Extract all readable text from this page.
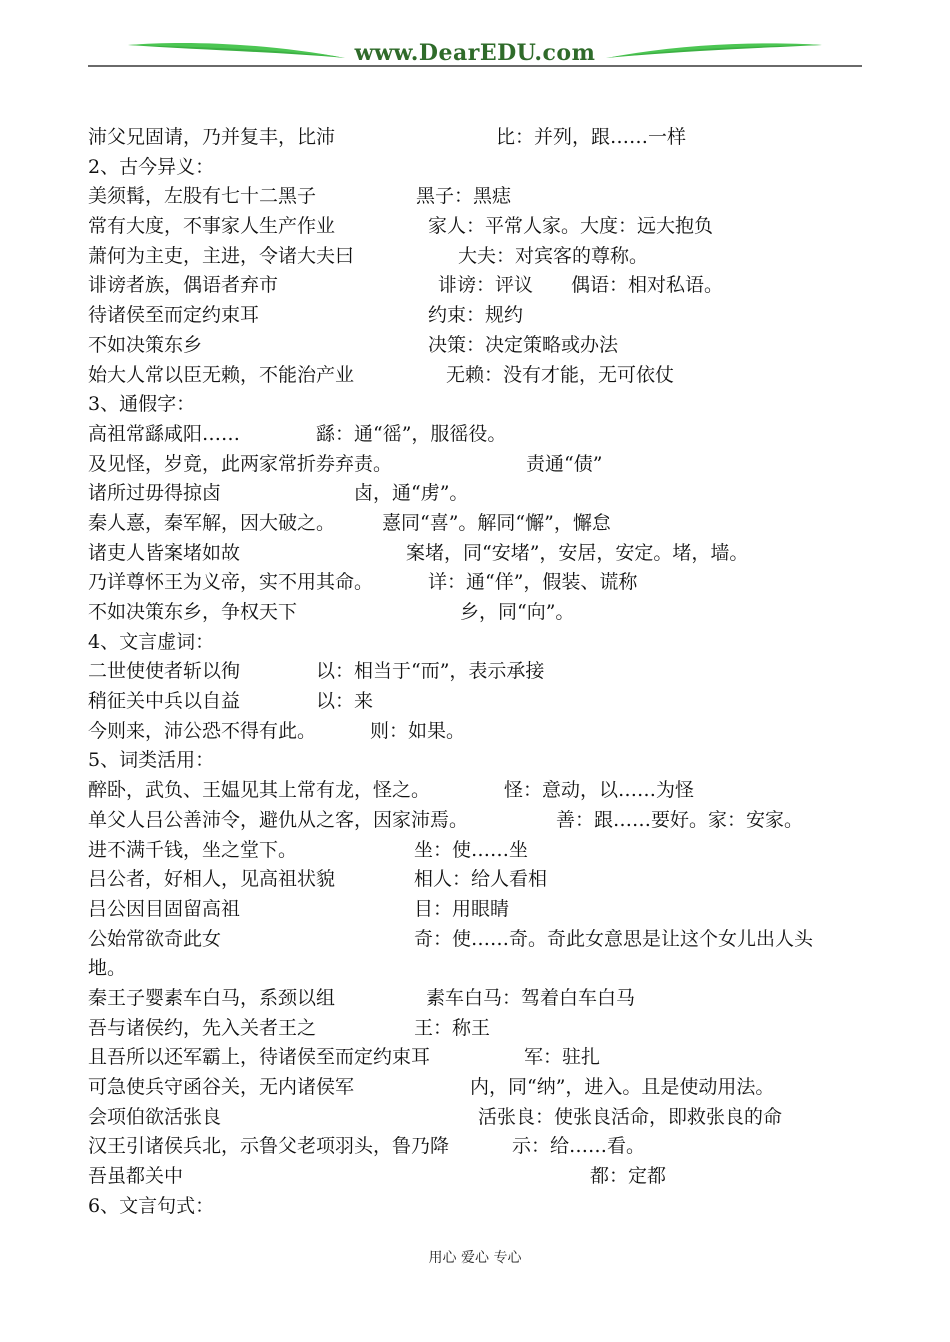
www.DearEDU.com
沛父兄固请，乃并复丰，比沛	比：并列，跟……一样
2、古今异义：
美须髯，左股有七十二黑子	黑子：黑痣
常有大度，不事家人生产作业	家人：平常人家。大度：远大抱负
萧何为主吏，主进，令诸大夫曰	大夫：对宾客的尊称。
诽谤者族，偶语者弃市	诽谤：评议　　偶语：相对私语。
待诸侯至而定约束耳	约束：规约
不如决策东乡	决策：决定策略或办法
始大人常以臣无赖，不能治产业	无赖：没有才能，无可依仗
3、通假字：
高祖常繇咸阳……	繇：通“徭”，服徭役。
及见怪，岁竟，此两家常折券弃责。	责通“债”
诸所过毋得掠卤	卤，通“虏”。
秦人憙，秦军解，因大破之。 憙同“喜”。解同“懈”，懈怠
诸吏人皆案堵如故	案堵，同“安堵”，安居，安定。堵，墙。
乃详尊怀王为义帝，实不用其命。	详：通“佯”，假装、谎称
不如决策东乡，争权天下	乡，同“向”。
4、文言虚词：
二世使使者斩以徇	以：相当于“而”，表示承接
稍征关中兵以自益	以：来
今则来，沛公恐不得有此。	则：如果。
5、词类活用：
醉卧，武负、王媪见其上常有龙，怪之。	怪：意动，以……为怪
单父人吕公善沛令，避仇从之客，因家沛焉。	善：跟……要好。家：安家。
进不满千钱，坐之堂下。	坐：使……坐
吕公者，好相人，见高祖状貌	相人：给人看相
吕公因目固留高祖	目：用眼睛
公始常欲奇此女	奇：使……奇。奇此女意思是让这个女儿出人头
地。
秦王子婴素车白马，系颈以组	素车白马：驾着白车白马
吾与诸侯约，先入关者王之	王：称王
且吾所以还军霸上，待诸侯至而定约束耳	军：驻扎
可急使兵守函谷关，无内诸侯军	内，同“纳”，进入。且是使动用法。
会项伯欲活张良	活张良：使张良活命，即救张良的命
汉王引诸侯兵北，示鲁父老项羽头，鲁乃降	示：给……看。
吾虽都关中	都：定都
6、文言句式：
用心 爱心 专心
